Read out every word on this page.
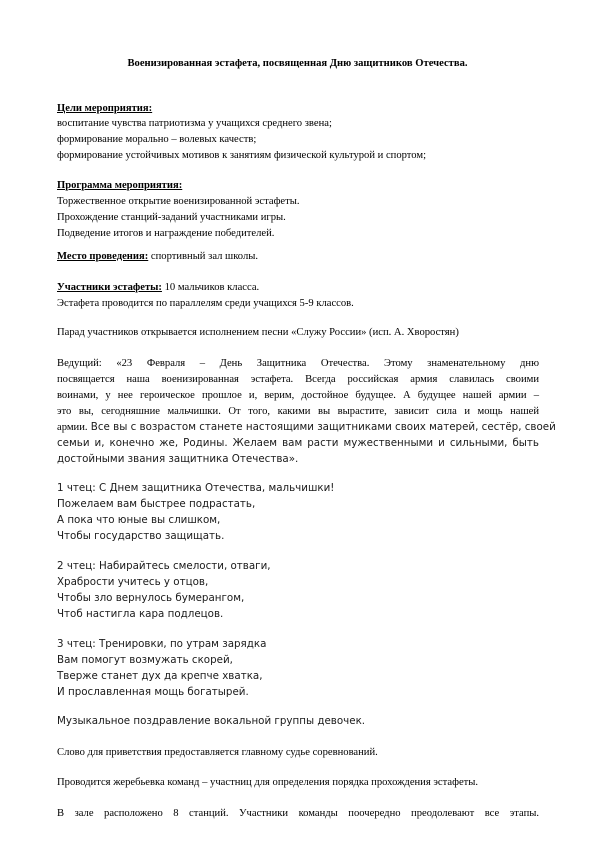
Военизированная эстафета, посвященная Дню защитников Отечества.
Цели мероприятия:
воспитание чувства патриотизма у учащихся среднего звена;
формирование морально – волевых качеств;
формирование устойчивых мотивов к занятиям физической культурой и спортом;
Программа мероприятия:
Торжественное открытие военизированной эстафеты.
Прохождение станций-заданий участниками игры.
Подведение итогов и награждение победителей.
Место проведения: спортивный зал школы.
Участники эстафеты: 10 мальчиков класса.
Эстафета проводится по параллелям среди учащихся 5-9 классов.
Парад участников открывается исполнением песни «Служу России» (исп. А. Хворостян)
Ведущий: «23 Февраля – День Защитника Отечества. Этому знаменательному дню
посвящается наша военизированная эстафета. Всегда российская армия славилась своими
воинами, у нее героическое прошлое и, верим, достойное будущее. А будущее нашей армии –
это вы, сегодняшние мальчишки. От того, какими вы вырастите, зависит сила и мощь нашей
армии. Все вы с возрастом станете настоящими защитниками своих матерей, сестёр, своей
семьи и, конечно же, Родины. Желаем вам расти мужественными и сильными, быть
достойными звания защитника Отечества».
1 чтец: С Днем защитника Отечества, мальчишки!
Пожелаем вам быстрее подрастать,
А пока что юные вы слишком,
Чтобы государство защищать.
2 чтец: Набирайтесь смелости, отваги,
Храбрости учитесь у отцов,
Чтобы зло вернулось бумерангом,
Чтоб настигла кара подлецов.
3 чтец: Тренировки, по утрам зарядка
Вам помогут возмужать скорей,
Тверже станет дух да крепче хватка,
И прославленная мощь богатырей.
Музыкальное поздравление вокальной группы девочек.
Слово для приветствия предоставляется главному судье соревнований.
Проводится жеребьевка команд – участниц для определения порядка прохождения эстафеты.
В зале расположено 8 станций. Участники команды поочередно преодолевают все этапы.
